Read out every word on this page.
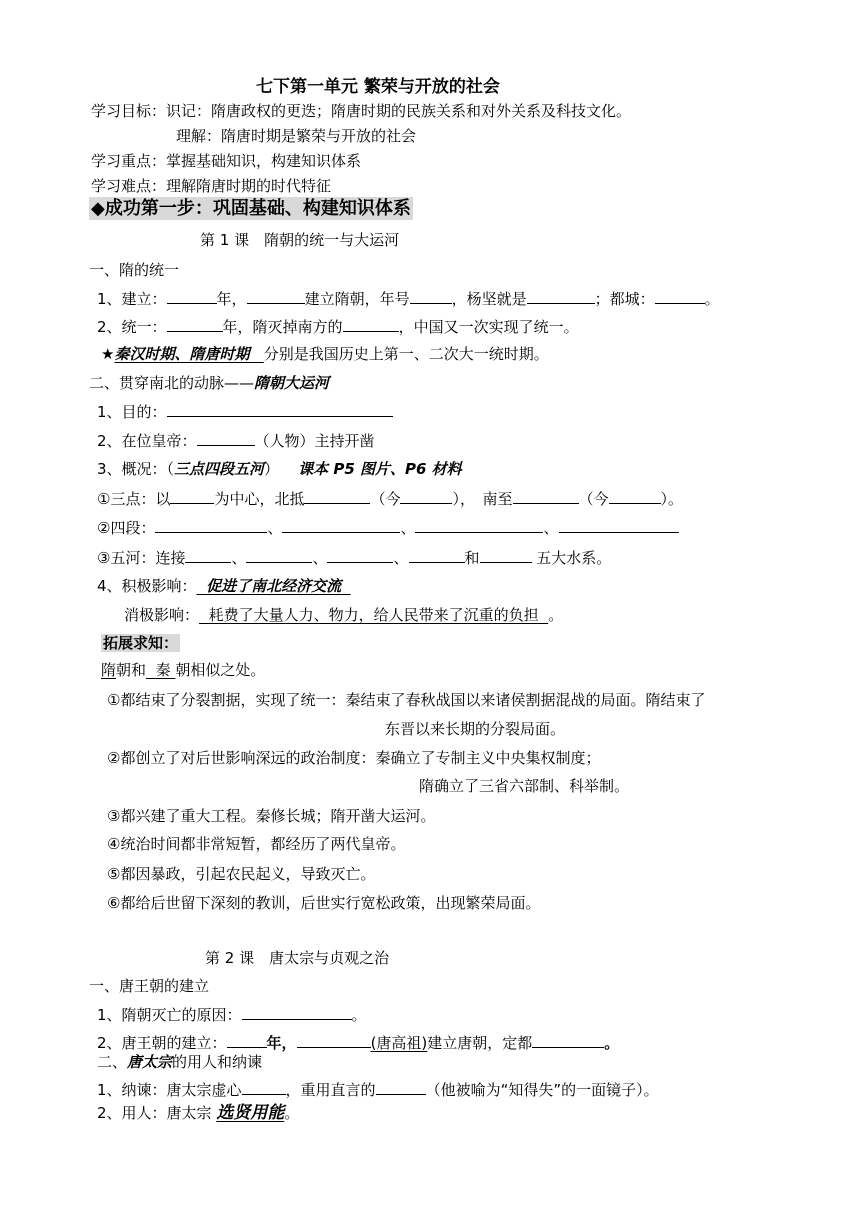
七下第一单元 繁荣与开放的社会
学习目标：识记：隋唐政权的更迭；隋唐时期的民族关系和对外关系及科技文化。
理解：隋唐时期是繁荣与开放的社会
学习重点：掌握基础知识，构建知识体系
学习难点：理解隋唐时期的时代特征
◆成功第一步：巩固基础、构建知识体系
第 1 课　隋朝的统一与大运河
一、隋的统一
1、建立：	年，	建立隋朝，年号	，杨坚就是	；都城：	。
2、统一：	年，隋灭掉南方的	，中国又一次实现了统一。
★秦汉时期、隋唐时期 分别是我国历史上第一、二次大一统时期。
二、贯穿南北的动脉——隋朝大运河
1、目的：
2、在位皇帝：	（人物）主持开凿
3、概况：（三点四段五河） 课本 P5 图片、P6 材料
①三点：以	为中心，北抵	（今	），　南至	（今	）。
②四段：	、	、	、
③五河：连接	、	、	、	和	五大水系。
4、积极影响： 促进了南北经济交流
消极影响： 耗费了大量人力、物力，给人民带来了沉重的负担 。
拓展求知：
隋朝和 秦 朝相似之处。
①都结束了分裂割据，实现了统一：秦结束了春秋战国以来诸侯割据混战的局面。隋结束了
东晋以来长期的分裂局面。
②都创立了对后世影响深远的政治制度：秦确立了专制主义中央集权制度；
隋确立了三省六部制、科举制。
③都兴建了重大工程。秦修长城；隋开凿大运河。
④统治时间都非常短暂，都经历了两代皇帝。
⑤都因暴政，引起农民起义，导致灭亡。
⑥都给后世留下深刻的教训，后世实行宽松政策，出现繁荣局面。
第 2 课　唐太宗与贞观之治
一、唐王朝的建立
1、隋朝灭亡的原因：	。
2、唐王朝的建立：	年，	(唐高祖)建立唐朝，定都	。
二、唐太宗的用人和纳谏
1、纳谏：唐太宗虚心	，重用直言的	（他被喻为“知得失”的一面镜子）。
2、用人：唐太宗 选贤用能。
